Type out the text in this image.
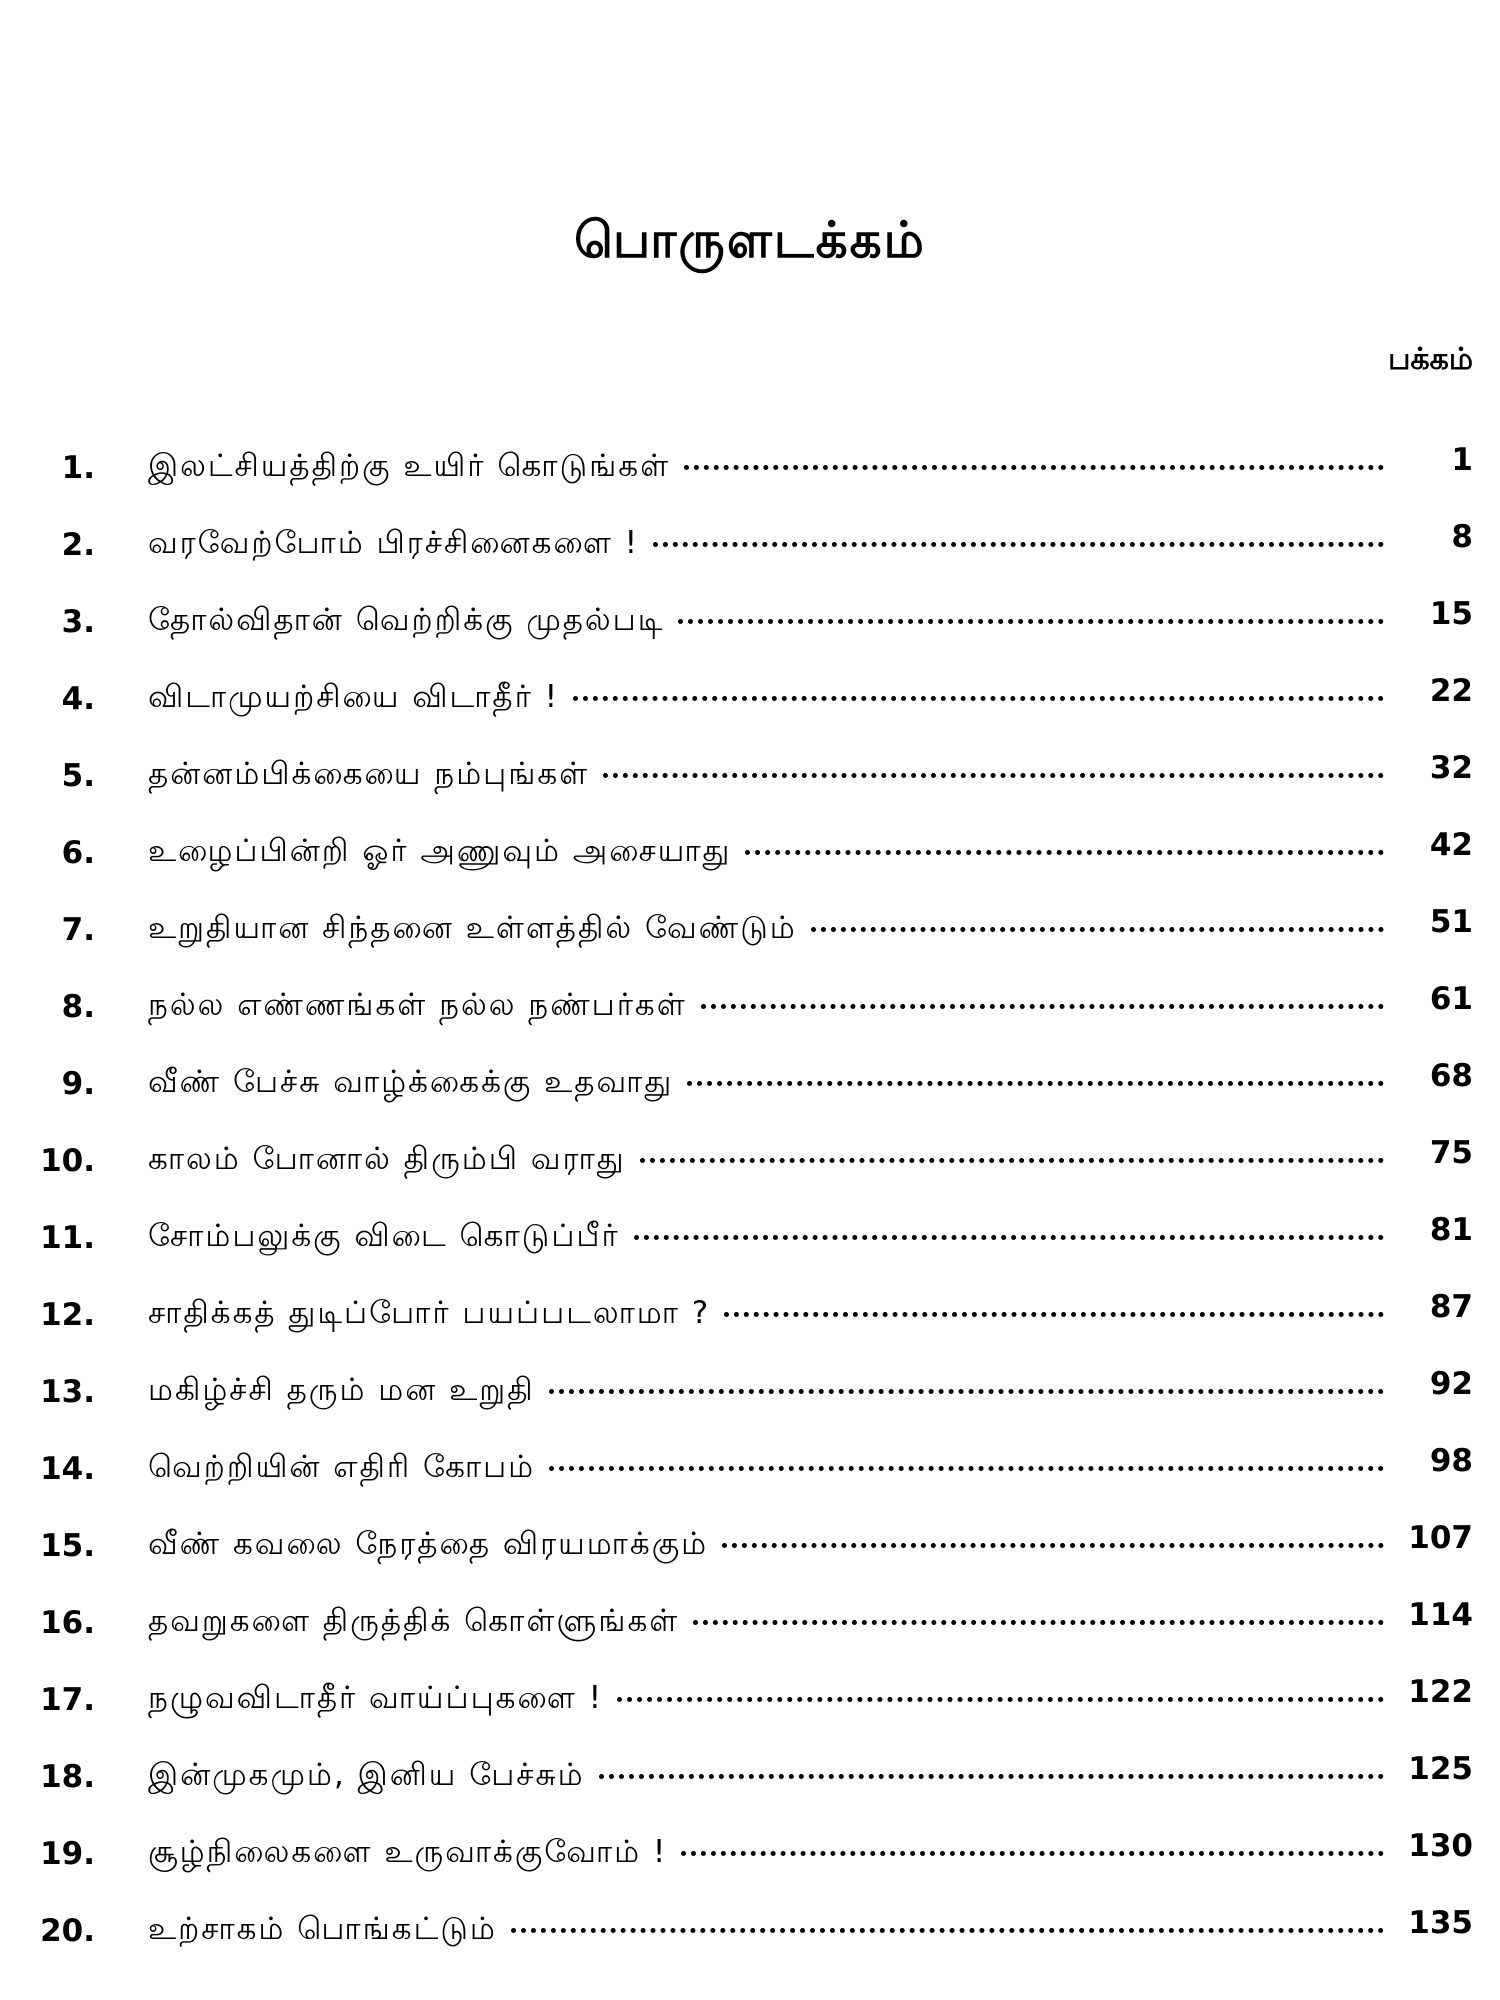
பொருளடக்கம்
பக்கம்
1. இலட்சியத்திற்கு உயிர் கொடுங்கள்	1
2. வரவேற்போம் பிரச்சினைகளை !	8
3. தோல்விதான் வெற்றிக்கு முதல்படி	15
4. விடாமுயற்சியை விடாதீர் !	22
5. தன்னம்பிக்கையை நம்புங்கள்	32
6. உழைப்பின்றி ஓர் அணுவும் அசையாது	42
7. உறுதியான சிந்தனை உள்ளத்தில் வேண்டும்	51
8. நல்ல எண்ணங்கள் நல்ல நண்பர்கள்	61
9. வீண் பேச்சு வாழ்க்கைக்கு உதவாது	68
10. காலம் போனால் திரும்பி வராது	75
11. சோம்பலுக்கு விடை கொடுப்பீர்	81
12. சாதிக்கத் துடிப்போர் பயப்படலாமா ?	87
13. மகிழ்ச்சி தரும் மன உறுதி	92
14. வெற்றியின் எதிரி கோபம்	98
15. வீண் கவலை நேரத்தை விரயமாக்கும்	107
16. தவறுகளை திருத்திக் கொள்ளுங்கள்	114
17. நழுவவிடாதீர் வாய்ப்புகளை !	122
18. இன்முகமும், இனிய பேச்சும்	125
19. சூழ்நிலைகளை உருவாக்குவோம் !	130
20. உற்சாகம் பொங்கட்டும்	135
